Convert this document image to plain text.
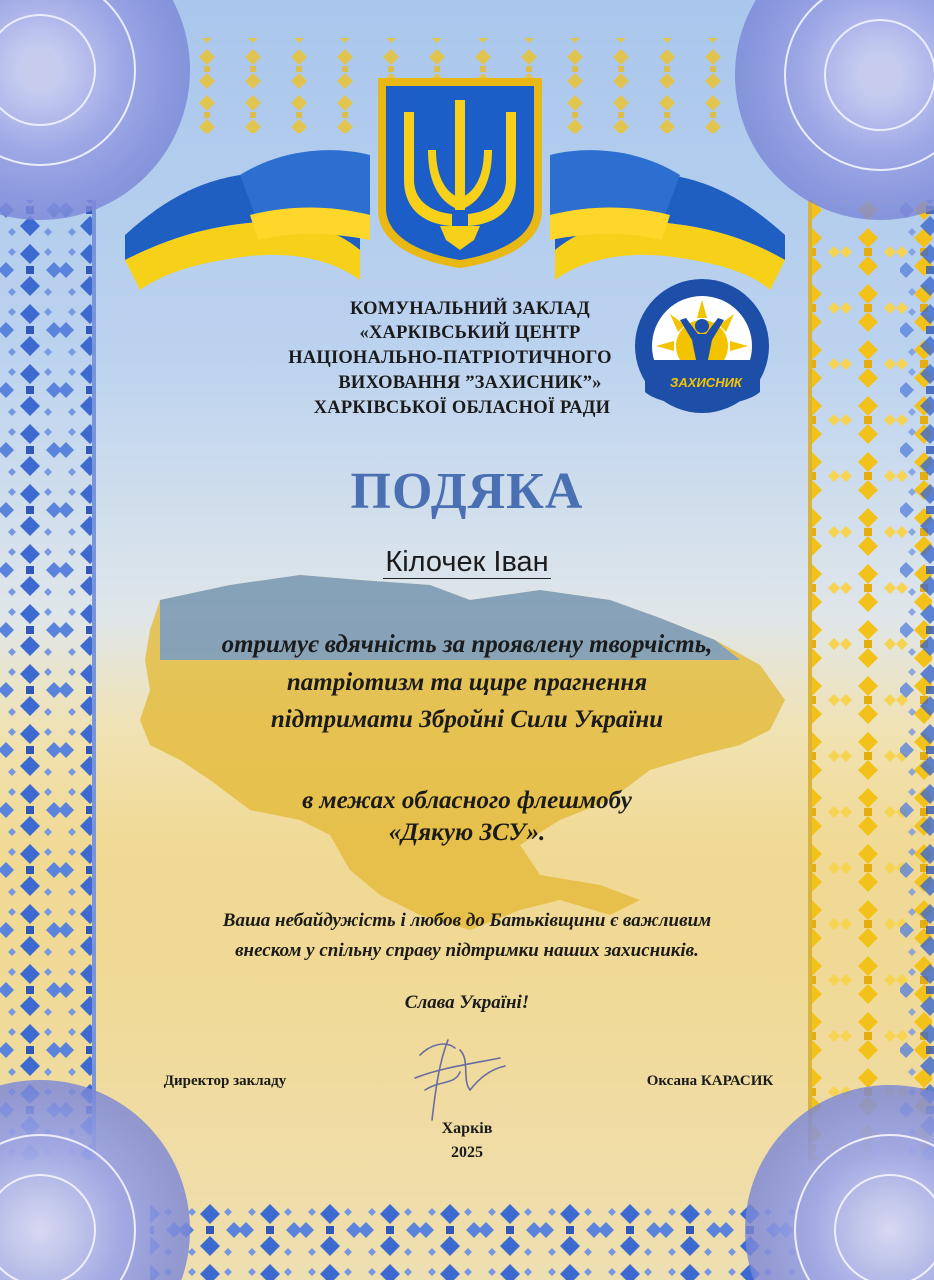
ЗАХИСНИК
КОМУНАЛЬНИЙ ЗАКЛАД
«ХАРКІВСЬКИЙ ЦЕНТР
НАЦІОНАЛЬНО-ПАТРІОТИЧНОГО
ВИХОВАННЯ ”ЗАХИСНИК”»
ХАРКІВСЬКОЇ ОБЛАСНОЇ РАДИ
ПОДЯКА
Кілочек Іван
отримує вдячність за проявлену творчість,
патріотизм та щире прагнення
підтримати Збройні Сили України
в межах обласного флешмобу
«Дякую ЗСУ».
Ваша небайдужість і любов до Батьківщини є важливим
внеском у спільну справу підтримки наших захисників.
Слава Україні!
Директор закладу	Оксана КАРАСИК
Харків
2025
